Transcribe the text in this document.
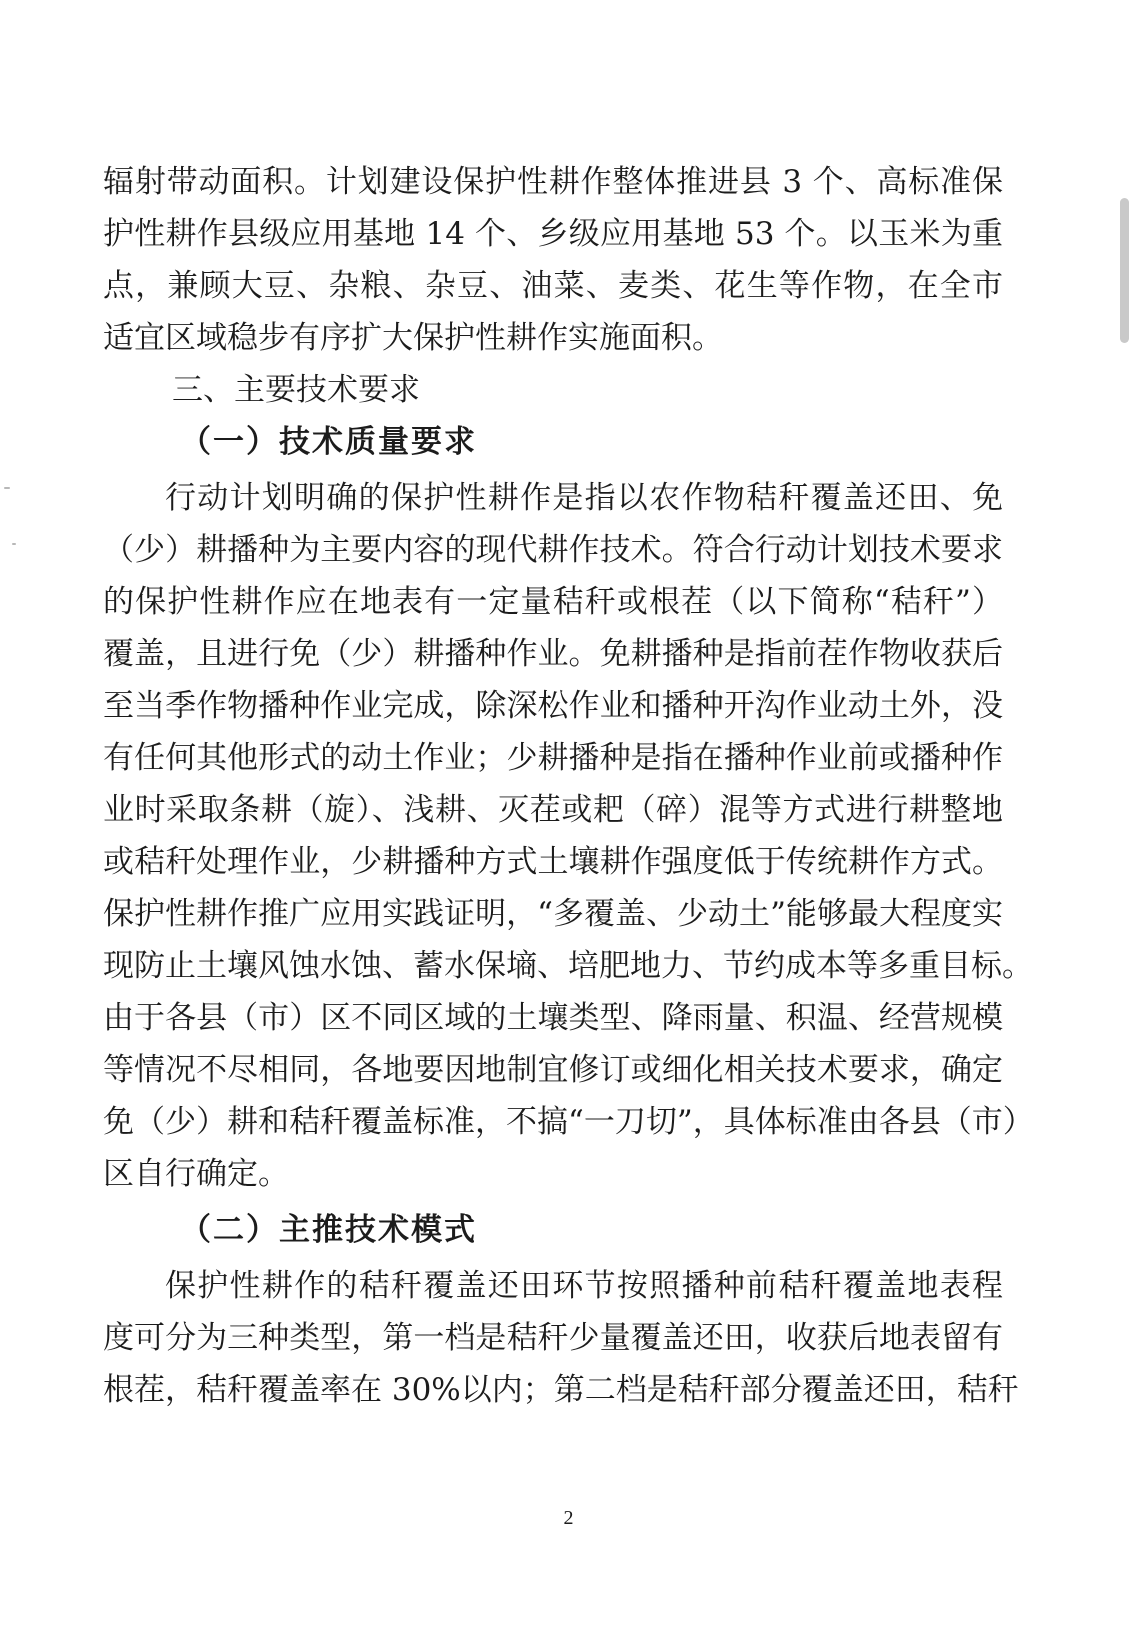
辐射带动面积。计划建设保护性耕作整体推进县 3 个、高标准保
护性耕作县级应用基地 14 个、乡级应用基地 53 个。以玉米为重
点，兼顾大豆、杂粮、杂豆、油菜、麦类、花生等作物，在全市
适宜区域稳步有序扩大保护性耕作实施面积。
三、主要技术要求
（一）技术质量要求
行动计划明确的保护性耕作是指以农作物秸秆覆盖还田、免
（少）耕播种为主要内容的现代耕作技术。符合行动计划技术要求
的保护性耕作应在地表有一定量秸秆或根茬（以下简称“秸秆”）
覆盖，且进行免（少）耕播种作业。免耕播种是指前茬作物收获后
至当季作物播种作业完成，除深松作业和播种开沟作业动土外，没
有任何其他形式的动土作业；少耕播种是指在播种作业前或播种作
业时采取条耕（旋）、浅耕、灭茬或耙（碎）混等方式进行耕整地
或秸秆处理作业，少耕播种方式土壤耕作强度低于传统耕作方式。
保护性耕作推广应用实践证明，“多覆盖、少动土”能够最大程度实
现防止土壤风蚀水蚀、蓄水保墒、培肥地力、节约成本等多重目标。
由于各县（市）区不同区域的土壤类型、降雨量、积温、经营规模
等情况不尽相同，各地要因地制宜修订或细化相关技术要求，确定
免（少）耕和秸秆覆盖标准，不搞“一刀切”，具体标准由各县（市）
区自行确定。
（二）主推技术模式
保护性耕作的秸秆覆盖还田环节按照播种前秸秆覆盖地表程
度可分为三种类型，第一档是秸秆少量覆盖还田，收获后地表留有
根茬，秸秆覆盖率在 30%以内；第二档是秸秆部分覆盖还田，秸秆
2
